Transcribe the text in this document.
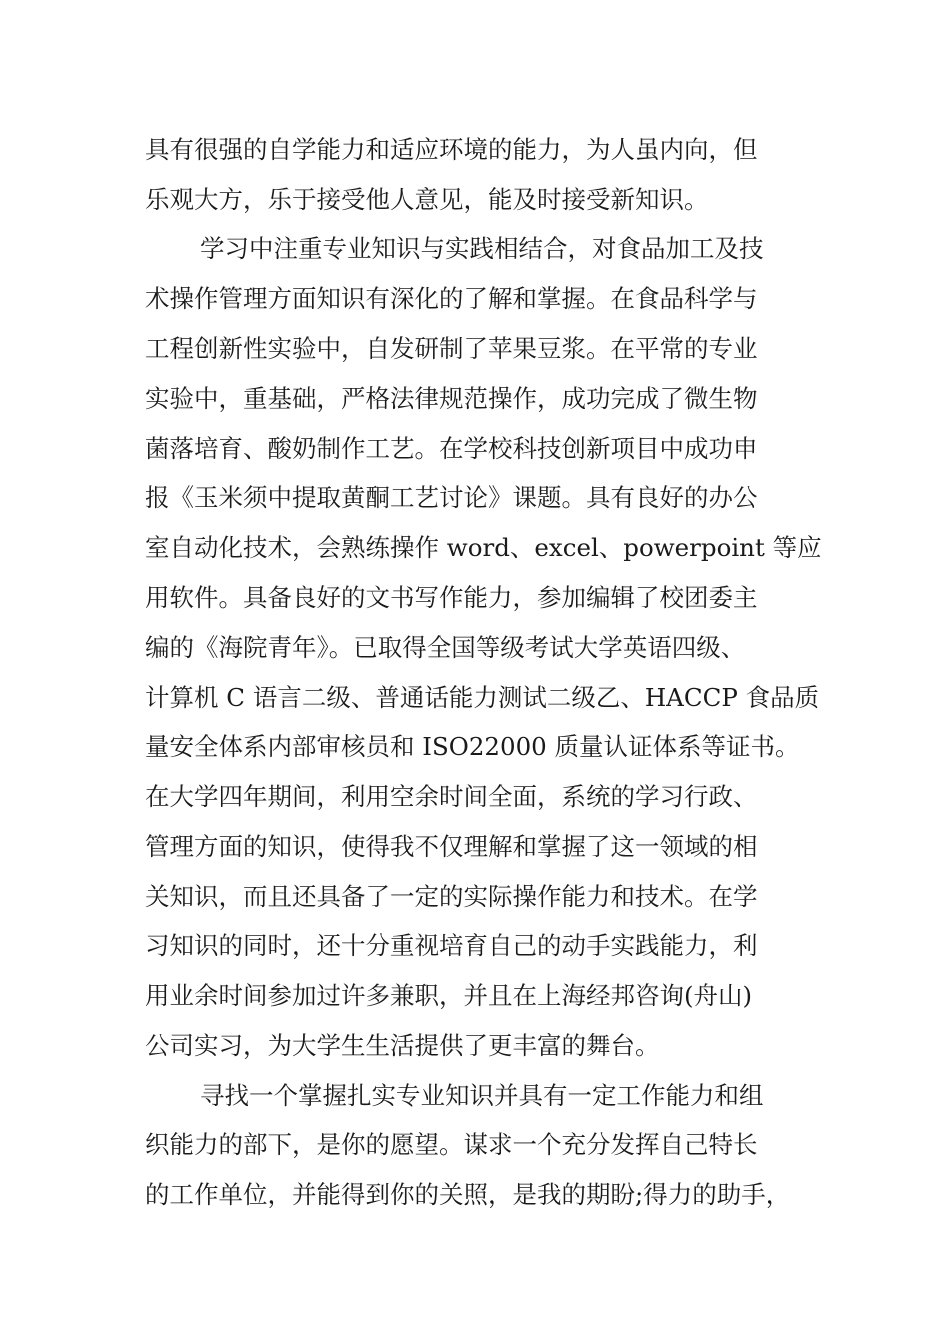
具有很强的自学能力和适应环境的能力，为人虽内向，但
乐观大方，乐于接受他人意见，能及时接受新知识。
学习中注重专业知识与实践相结合，对食品加工及技
术操作管理方面知识有深化的了解和掌握。在食品科学与
工程创新性实验中，自发研制了苹果豆浆。在平常的专业
实验中，重基础，严格法律规范操作，成功完成了微生物
菌落培育、酸奶制作工艺。在学校科技创新项目中成功申
报《玉米须中提取黄酮工艺讨论》课题。具有良好的办公
室自动化技术，会熟练操作 word、excel、powerpoint 等应
用软件。具备良好的文书写作能力，参加编辑了校团委主
编的《海院青年》。已取得全国等级考试大学英语四级、
计算机 C 语言二级、普通话能力测试二级乙、HACCP 食品质
量安全体系内部审核员和 ISO22000 质量认证体系等证书。
在大学四年期间，利用空余时间全面，系统的学习行政、
管理方面的知识，使得我不仅理解和掌握了这一领域的相
关知识，而且还具备了一定的实际操作能力和技术。在学
习知识的同时，还十分重视培育自己的动手实践能力，利
用业余时间参加过许多兼职，并且在上海经邦咨询(舟山)
公司实习，为大学生生活提供了更丰富的舞台。
寻找一个掌握扎实专业知识并具有一定工作能力和组
织能力的部下，是你的愿望。谋求一个充分发挥自己特长
的工作单位，并能得到你的关照，是我的期盼;得力的助手，
